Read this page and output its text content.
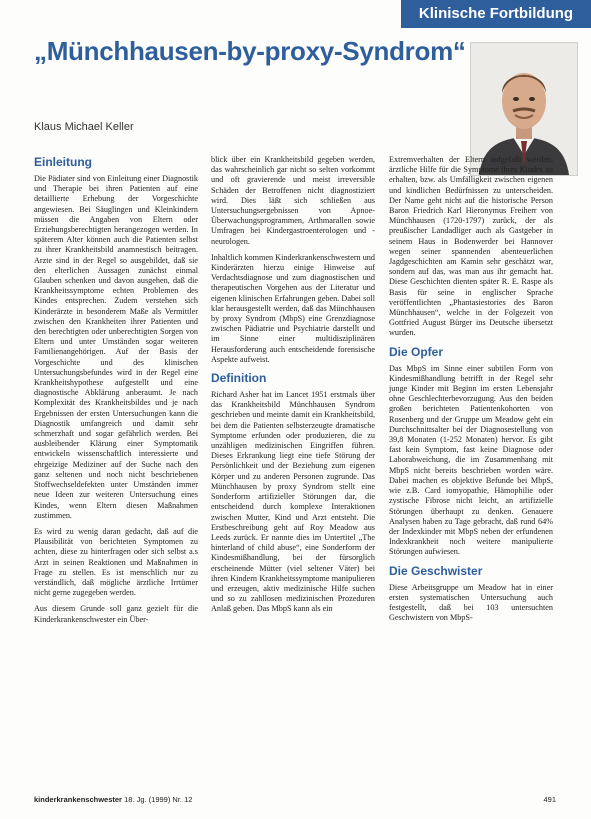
Klinische Fortbildung
„Münchhausen-by-proxy-Syndrom“
Klaus Michael Keller
Einleitung

Die Pädiater sind von Einleitung einer Diagnostik und Therapie bei ihren Patienten auf eine detaillierte Erhebung der Vorgeschichte angewiesen. Bei Säuglingen und Kleinkindern müssen die Angaben von Eltern oder Erziehungsberechtigten herangezogen werden. In späterem Alter können auch die Patienten selbst zu ihrer Krankheitsbild anamnestisch beitragen. Arzte sind in der Regel so ausgebildet, daß sie den elterlichen Aussagen zunächst einmal Glauben schenken und davon ausgehen, daß die Krankheitssymptome echten Problemen des Kindes entsprechen. Zudem verstehen sich Kinderärzte in besonderem Maße als Vermittler zwischen den Krankheiten ihrer Patienten und den berechtigten oder unberechtigten Sorgen von Eltern und unter Umständen sogar weiteren Familienangehörigen. Auf der Basis der Vorgeschichte und des klinischen Untersuchungsbefundes wird in der Regel eine Krankheitshypothese aufgestellt und eine diagnostische Abklärung anberaumt. Je nach Komplexität des Krankheitsbildes und je nach Ergebnissen der ersten Untersuchungen kann die Diagnostik umfangreich und damit sehr schmerzhaft und sogar gefährlich werden. Bei ausbleibender Klärung einer Symptomatik entwickeln wissenschaftlich interessierte und ehrgeizige Mediziner auf der Suche nach den ganz seltenen und noch nicht beschriebenen Stoffwechseldefekten unter Umständen immer neue Ideen zur weiteren Untersuchung eines Kindes, wenn Eltern diesen Maßnahmen zustimmen.

Es wird zu wenig daran gedacht, daß auf die Plausibilität von berichteten Symptomen zu achten, diese zu hinterfragen oder sich selbst a.s Arzt in seinen Reaktionen und Maßnahmen in Frage zu stellen. Es ist menschlich nur zu verständlich, daß mögliche ärztliche Irrtümer nicht gerne zugegeben werden.

Aus diesem Grunde soll ganz gezielt für die Kinderkrankenschwester ein Über-

blick über ein Krankheitsbild gegeben werden, das wahrscheinlich gar nicht so selten vorkommt und oft gravierende und meist irreversible Schäden der Betroffenen nicht diagnostiziert wird. Dies läßt sich schließen aus Untersuchungsergebnissen von Apnoe-Überwachungsprogrammen, Arthmarallen sowie Umfragen bei Kindergastroenterologen und -neurologen.

Inhaltlich kommen Kinderkrankenschwestern und Kinderärzten hierzu einige Hinweise auf Verdachtsdiagnose und zum diagnostischen und therapeutischen Vorgehen aus der Literatur und eigenen klinischen Erfahrungen geben. Dabei soll klar herausgestellt werden, daß das Münchhausen by proxy Syndrom (MbpS) eine Grenzdiagnose zwischen Pädiatrie und Psychiatrie darstellt und im Sinne einer multidisziplinären Herausforderung auch entscheidende forensische Aspekte aufweist.

Definition

Richard Asher hat im Lancet 1951 erstmals über das Krankheitsbild Münchhausen Syndrom geschrieben und meinte damit ein Krankheitsbild, bei dem die Patienten selbsterzeugte dramatische Symptome erfunden oder produzieren, die zu unzähligen medizinischen Eingriffen führen. Dieses Erkrankung liegt eine tiefe Störung der Persönlichkeit und der Beziehung zum eigenen Körper und zu anderen Personen zugrunde. Das Münchhausen by proxy Syndrom stellt eine Sonderform artifizieller Störungen dar, die entscheidend durch komplexe Interaktionen zwischen Mutter, Kind und Arzt entsteht. Die Erstbeschreibung geht auf Roy Meadow aus Leeds zurück. Er nannte dies im Untertitel „The hinterland of child abuse“, eine Sonderform der Kindesmißhandlung, bei der fürsorglich erscheinende Mütter (viel seltener Väter) bei ihren Kindern Krankheitssymptome manipulieren und erzeugen, aktiv medizinische Hilfe suchen und so zu zahllosen medizinischen Prozeduren Anlaß geben. Das MbpS kann als ein

Extremverhalten der Eltern aufgefaßt werden, ärztliche Hilfe für die Symptome ihres Kindes zu erhalten, bzw. als Umfälligkeit zwischen eigenen und kindlichen Bedürfnissen zu unterscheiden. Der Name geht nicht auf die historische Person Baron Friedrich Karl Hieronymus Freiherr von Münchhausen (1720-1797) zurück, der als preußischer Landadliger auch als Gastgeber in seinem Haus in Bodenwerder bei Hannover wegen seiner spannenden abenteuerlichen Jagdgeschichten am Kamin sehr geschätzt war, sondern auf das, was man aus ihr gemacht hat. Diese Geschichten dienten später R. E. Raspe als Basis für seine in englischer Sprache veröffentlichten „Phantasiestories des Baron Münchhausen“, welche in der Folgezeit von Gottfried August Bürger ins Deutsche übersetzt wurden.

Die Opfer

Das MbpS im Sinne einer subtilen Form von Kindesmißhandlung betrifft in der Regel sehr junge Kinder mit Beginn im ersten Lebensjahr ohne Geschlechterbevorzugung. Aus den beiden großen berichteten Patientenkohorten von Rosenberg und der Gruppe um Meadow geht ein Durchschnittsalter bei der Diagnosestellung von 39,8 Monaten (1-252 Monaten) hervor. Es gibt fast kein Symptom, fast keine Diagnose oder Laborabweichung, die im Zusammenhang mit MbpS nicht bereits beschrieben worden wäre. Dabei machen es objektive Befunde bei MbpS, wie z.B. Card iomyopathie, Hämophilie oder zystische Fibrose nicht leicht, an artifizielle Störungen überhaupt zu denken. Genauere Analysen haben zu Tage gebracht, daß rund 64% der Indexkinder mit MbpS neben der erfundenen Indexkrankheit noch weitere manipulierte Störungen aufwiesen.

Die Geschwister

Diese Arbeitsgruppe um Meadow hat in einer ersten systematischen Untersuchung auch festgestellt, daß bei 103 untersuchten Geschwistern von MbpS-

kinderkrankenschwester 18. Jg. (1999) Nr. 12	491
